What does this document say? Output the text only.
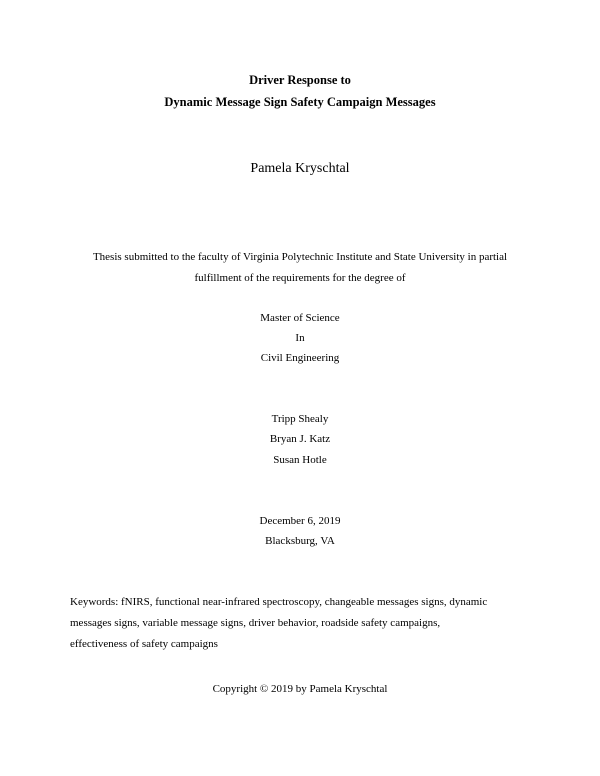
Driver Response to
Dynamic Message Sign Safety Campaign Messages
Pamela Kryschtal
Thesis submitted to the faculty of Virginia Polytechnic Institute and State University in partial
fulfillment of the requirements for the degree of
Master of Science
In
Civil Engineering
Tripp Shealy
Bryan J. Katz
Susan Hotle
December 6, 2019
Blacksburg, VA
Keywords: fNIRS, functional near-infrared spectroscopy, changeable messages signs, dynamic
messages signs, variable message signs, driver behavior, roadside safety campaigns,
effectiveness of safety campaigns
Copyright © 2019 by Pamela Kryschtal
